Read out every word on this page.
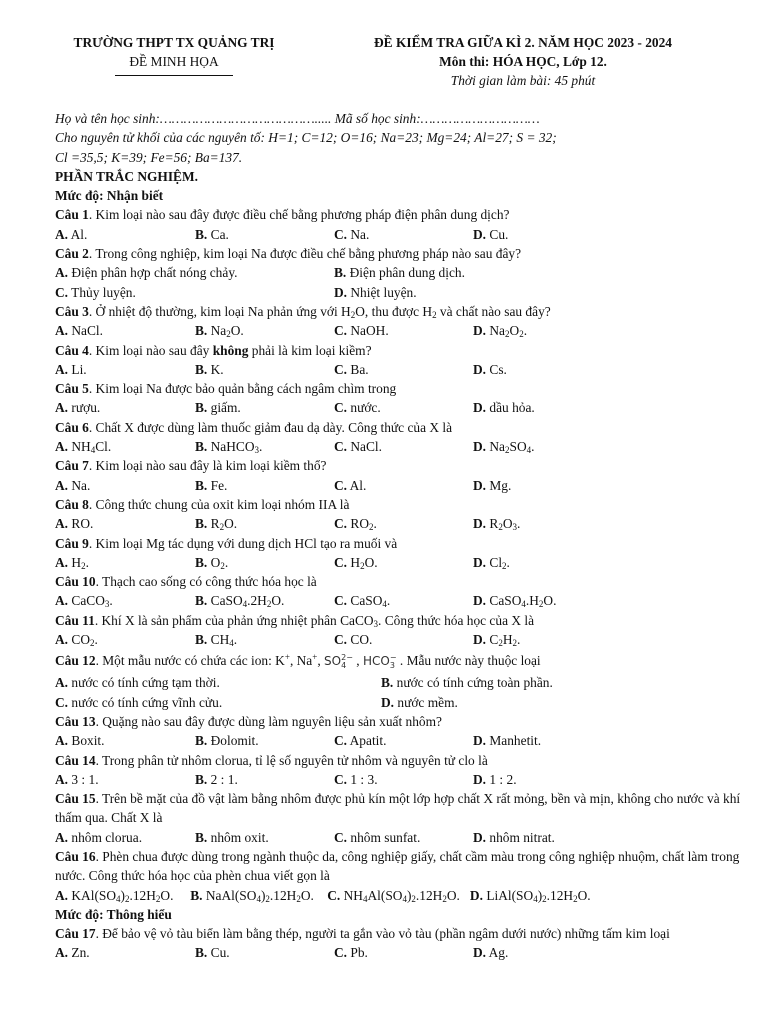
TRƯỜNG THPT TX QUẢNG TRỊ
ĐỀ MINH HỌA
ĐỀ KIỂM TRA GIỮA KÌ 2. NĂM HỌC 2023 - 2024
Môn thi: HÓA HỌC, Lớp 12.
Thời gian làm bài: 45 phút
Họ và tên học sinh:…………………………………..... Mã số học sinh:…………………………
Cho nguyên tử khối của các nguyên tố: H=1; C=12; O=16; Na=23; Mg=24; Al=27; S = 32;
Cl =35,5; K=39; Fe=56; Ba=137.
PHẦN TRẮC NGHIỆM.
Mức độ: Nhận biết
Câu 1. Kim loại nào sau đây được điều chế bằng phương pháp điện phân dung dịch?
A. Al.	B. Ca.	C. Na.	D. Cu.
Câu 2. Trong công nghiệp, kim loại Na được điều chế bằng phương pháp nào sau đây?
A. Điện phân hợp chất nóng chảy.	B. Điện phân dung dịch.
C. Thủy luyện.	D. Nhiệt luyện.
Câu 3. Ở nhiệt độ thường, kim loại Na phản ứng với $H_2O$, thu được $H_2$ và chất nào sau đây?
A. NaCl.	B. $Na_2O$.	C. NaOH.	D. $Na_2O_2$.
Câu 4. Kim loại nào sau đây không phải là kim loại kiềm?
A. Li.	B. K.	C. Ba.	D. Cs.
Câu 5. Kim loại Na được bảo quản bằng cách ngâm chìm trong
A. rượu.	B. giấm.	C. nước.	D. dầu hỏa.
Câu 6. Chất X được dùng làm thuốc giảm đau dạ dày. Công thức của X là
A. $NH_4Cl$.	B. NaHCO$_3$.	C. NaCl.	D. $Na_2SO_4$.
Câu 7. Kim loại nào sau đây là kim loại kiềm thổ?
A. Na.	B. Fe.	C. Al.	D. Mg.
Câu 8. Công thức chung của oxit kim loại nhóm IIA là
A. RO.	B. $R_2O$.	C. $RO_2$.	D. $R_2O_3$.
Câu 9. Kim loại Mg tác dụng với dung dịch HCl tạo ra muối và
A. $H_2$.	B. $O_2$.	C. $H_2O$.	D. $Cl_2$.
Câu 10. Thạch cao sống có công thức hóa học là
A. CaCO$_3$.	B. $CaSO_4.2H_2O$.	C. CaSO$_4$.	D. $CaSO_4.H_2O$.
Câu 11. Khí X là sản phẩm của phản ứng nhiệt phân CaCO$_3$. Công thức hóa học của X là
A. $CO_2$.	B. $CH_4$.	C. CO.	D. $C_2H_2$.
Câu 12. Một mẫu nước có chứa các ion: K+, Na+, SO 2−
4 , HCO −
3 . Mẫu nước này thuộc loại
A. nước có tính cứng tạm thời.	B. nước có tính cứng toàn phần.
C. nước có tính cứng vĩnh cửu.	D. nước mềm.
Câu 13. Quặng nào sau đây được dùng làm nguyên liệu sản xuất nhôm?
A. Boxit.	B. Đolomit.	C. Apatit.	D. Manhetit.
Câu 14. Trong phân tử nhôm clorua, tỉ lệ số nguyên tử nhôm và nguyên tử clo là
A. 3 : 1.	B. 2 : 1.	C. 1 : 3.	D. 1 : 2.
Câu 15. Trên bề mặt của đồ vật làm bằng nhôm được phủ kín một lớp hợp chất X rất mỏng, bền và mịn, không cho nước và khí thấm qua. Chất X là
A. nhôm clorua.	B. nhôm oxit.	C. nhôm sunfat.	D. nhôm nitrat.
Câu 16. Phèn chua được dùng trong ngành thuộc da, công nghiệp giấy, chất cầm màu trong công nghiệp nhuộm, chất làm trong nước. Công thức hóa học của phèn chua viết gọn là
A. $KAl(SO_4)_2.12H_2O$. B. $NaAl(SO_4)_2.12H_2O$. C. $NH_4Al(SO_4)_2.12H_2O$. D. $LiAl(SO_4)_2.12H_2O$.
Mức độ: Thông hiểu
Câu 17. Để bảo vệ vỏ tàu biển làm bằng thép, người ta gắn vào vỏ tàu (phần ngâm dưới nước) những tấm kim loại
A. Zn.	B. Cu.	C. Pb.	D. Ag.
